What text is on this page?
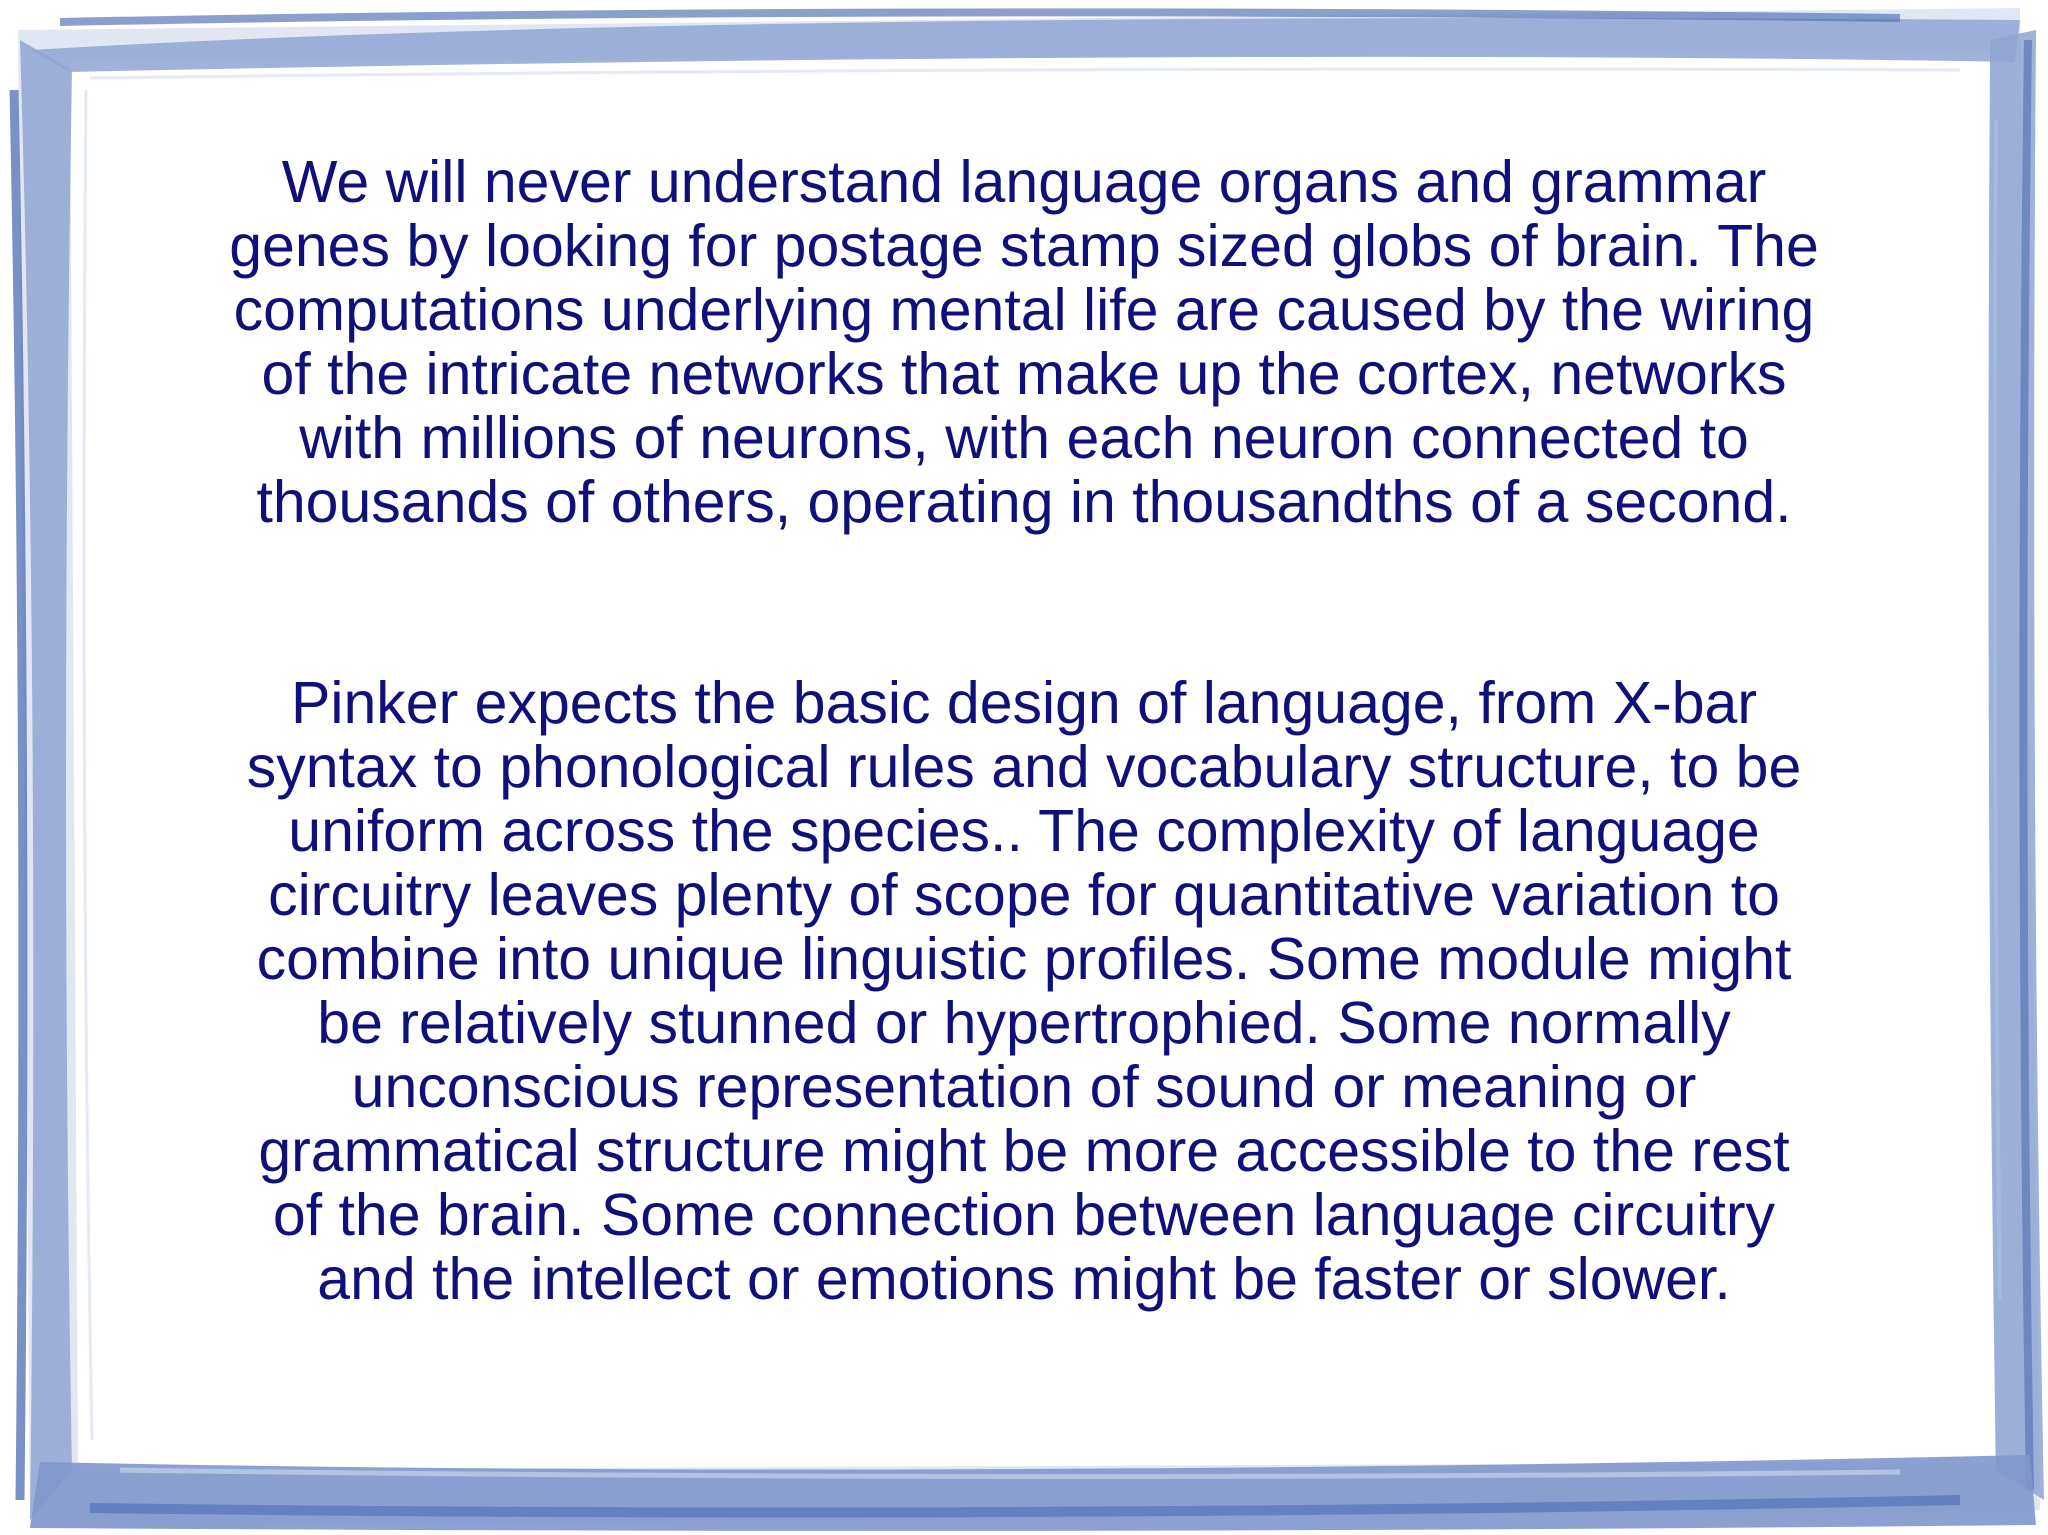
We will never understand language organs and grammar
genes by looking for postage stamp sized globs of brain. The
computations underlying mental life are caused by the wiring
of the intricate networks that make up the cortex, networks
with millions of neurons, with each neuron connected to
thousands of others, operating in thousandths of a second.

Pinker expects the basic design of language, from X-bar
syntax to phonological rules and vocabulary structure, to be
uniform across the species.. The complexity of language
circuitry leaves plenty of scope for quantitative variation to
combine into unique linguistic profiles. Some module might
be relatively stunned or hypertrophied. Some normally
unconscious representation of sound or meaning or
grammatical structure might be more accessible to the rest
of the brain. Some connection between language circuitry
and the intellect or emotions might be faster or slower.
